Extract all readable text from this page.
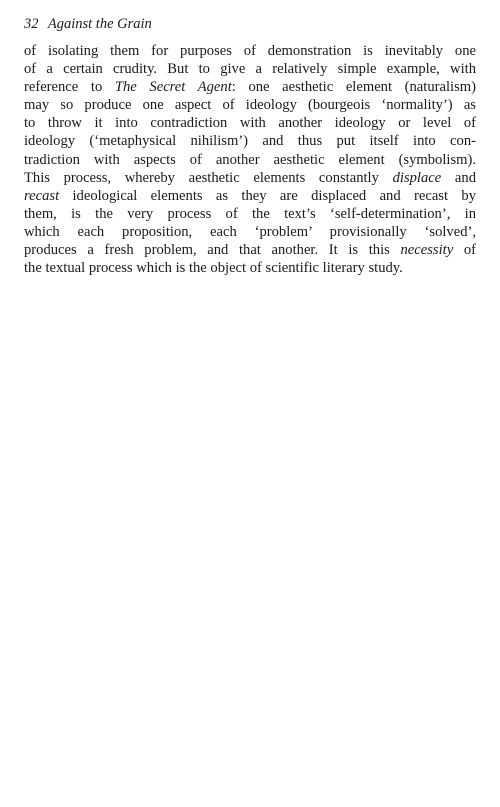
32 Against the Grain
of isolating them for purposes of demonstration is inevitably one
of a certain crudity. But to give a relatively simple example, with
reference to The Secret Agent: one aesthetic element (naturalism)
may so produce one aspect of ideology (bourgeois ‘normality’) as
to throw it into contradiction with another ideology or level of
ideology (‘metaphysical nihilism’) and thus put itself into con-
tradiction with aspects of another aesthetic element (symbolism).
This process, whereby aesthetic elements constantly displace and
recast ideological elements as they are displaced and recast by
them, is the very process of the text’s ‘self-determination’, in
which each proposition, each ‘problem’ provisionally ‘solved’,
produces a fresh problem, and that another. It is this necessity of
the textual process which is the object of scientific literary study.
